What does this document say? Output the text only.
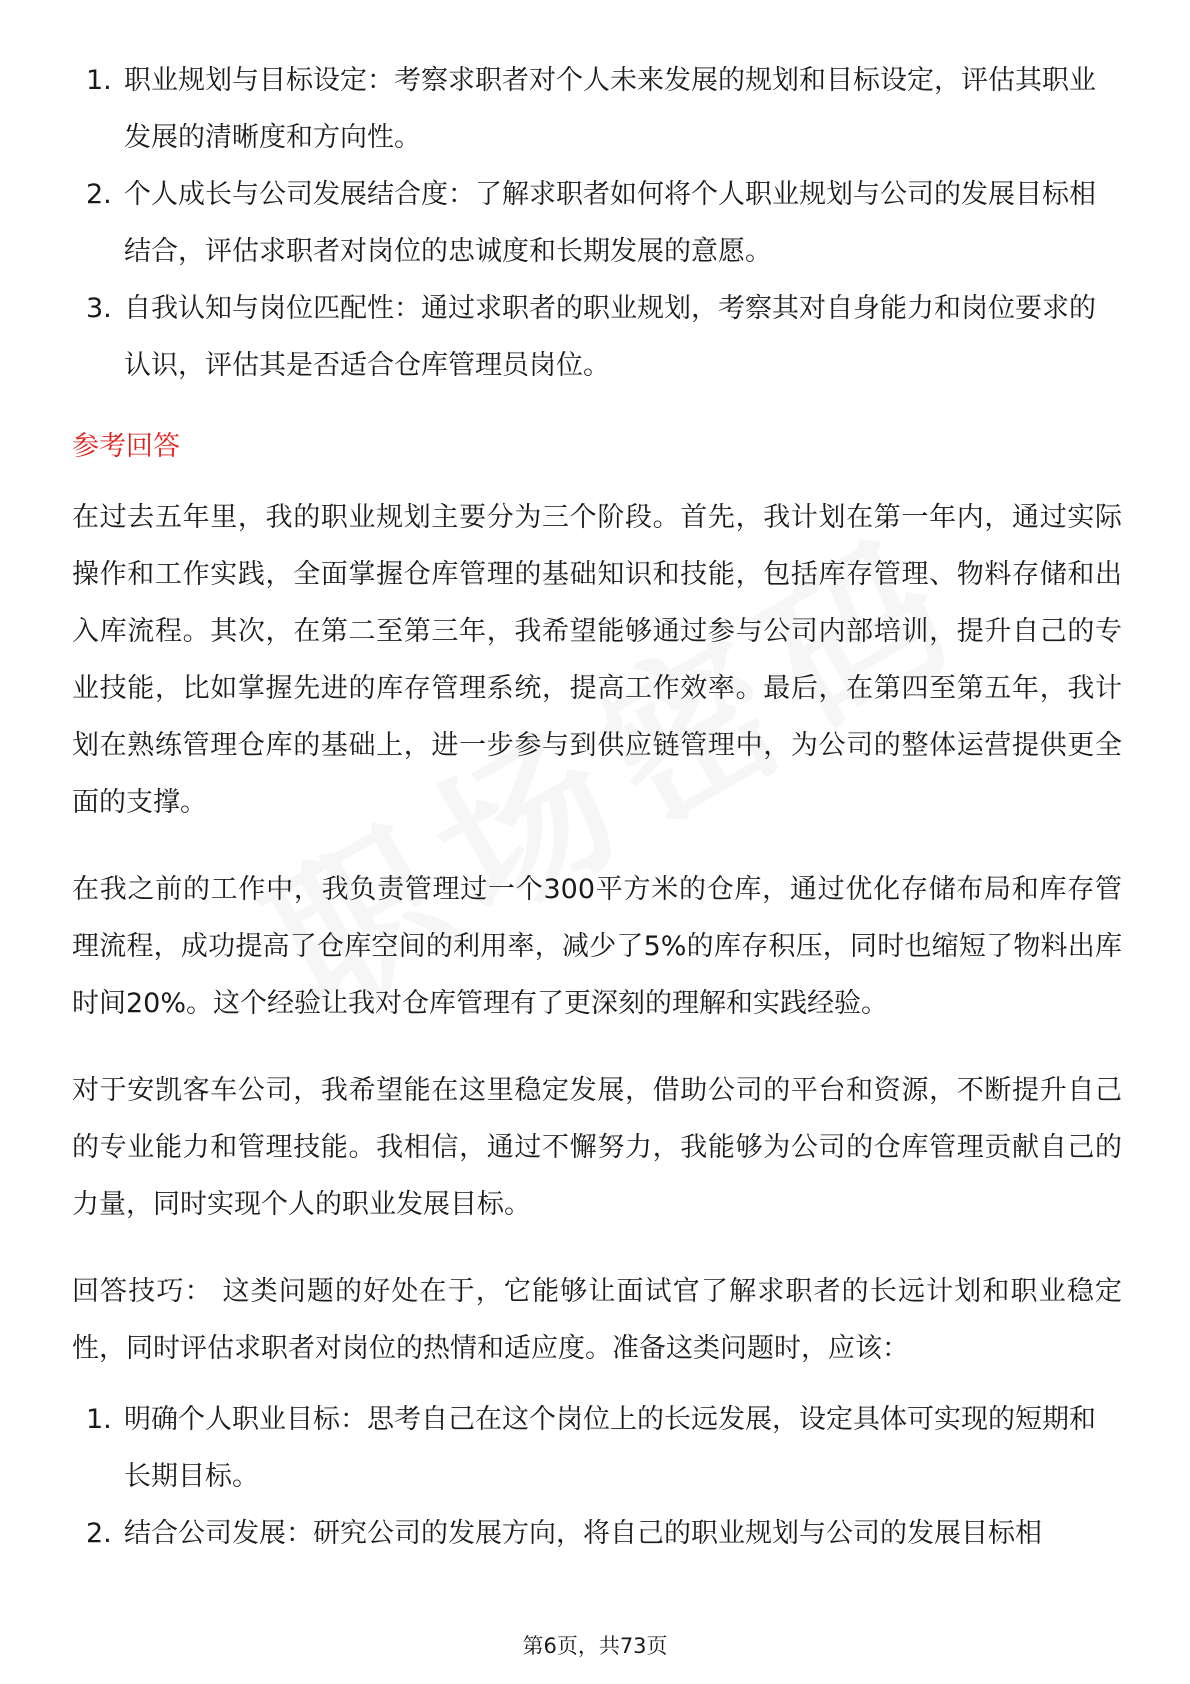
1. 职业规划与目标设定：考察求职者对个人未来发展的规划和目标设定，评估其职业发展的清晰度和方向性。
2. 个人成长与公司发展结合度：了解求职者如何将个人职业规划与公司的发展目标相结合，评估求职者对岗位的忠诚度和长期发展的意愿。
3. 自我认知与岗位匹配性：通过求职者的职业规划，考察其对自身能力和岗位要求的认识，评估其是否适合仓库管理员岗位。
参考回答

在过去五年里，我的职业规划主要分为三个阶段。首先，我计划在第一年内，通过实际操作和工作实践，全面掌握仓库管理的基础知识和技能，包括库存管理、物料存储和出入库流程。其次，在第二至第三年，我希望能够通过参与公司内部培训，提升自己的专业技能，比如掌握先进的库存管理系统，提高工作效率。最后，在第四至第五年，我计划在熟练管理仓库的基础上，进一步参与到供应链管理中，为公司的整体运营提供更全面的支撑。

在我之前的工作中，我负责管理过一个300平方米的仓库，通过优化存储布局和库存管理流程，成功提高了仓库空间的利用率，减少了5%的库存积压，同时也缩短了物料出库时间20%。这个经验让我对仓库管理有了更深刻的理解和实践经验。

对于安凯客车公司，我希望能在这里稳定发展，借助公司的平台和资源，不断提升自己的专业能力和管理技能。我相信，通过不懈努力，我能够为公司的仓库管理贡献自己的力量，同时实现个人的职业发展目标。

回答技巧： 这类问题的好处在于，它能够让面试官了解求职者的长远计划和职业稳定性，同时评估求职者对岗位的热情和适应度。准备这类问题时，应该：

1. 明确个人职业目标：思考自己在这个岗位上的长远发展，设定具体可实现的短期和长期目标。
2. 结合公司发展：研究公司的发展方向，将自己的职业规划与公司的发展目标相
第6页，共73页
